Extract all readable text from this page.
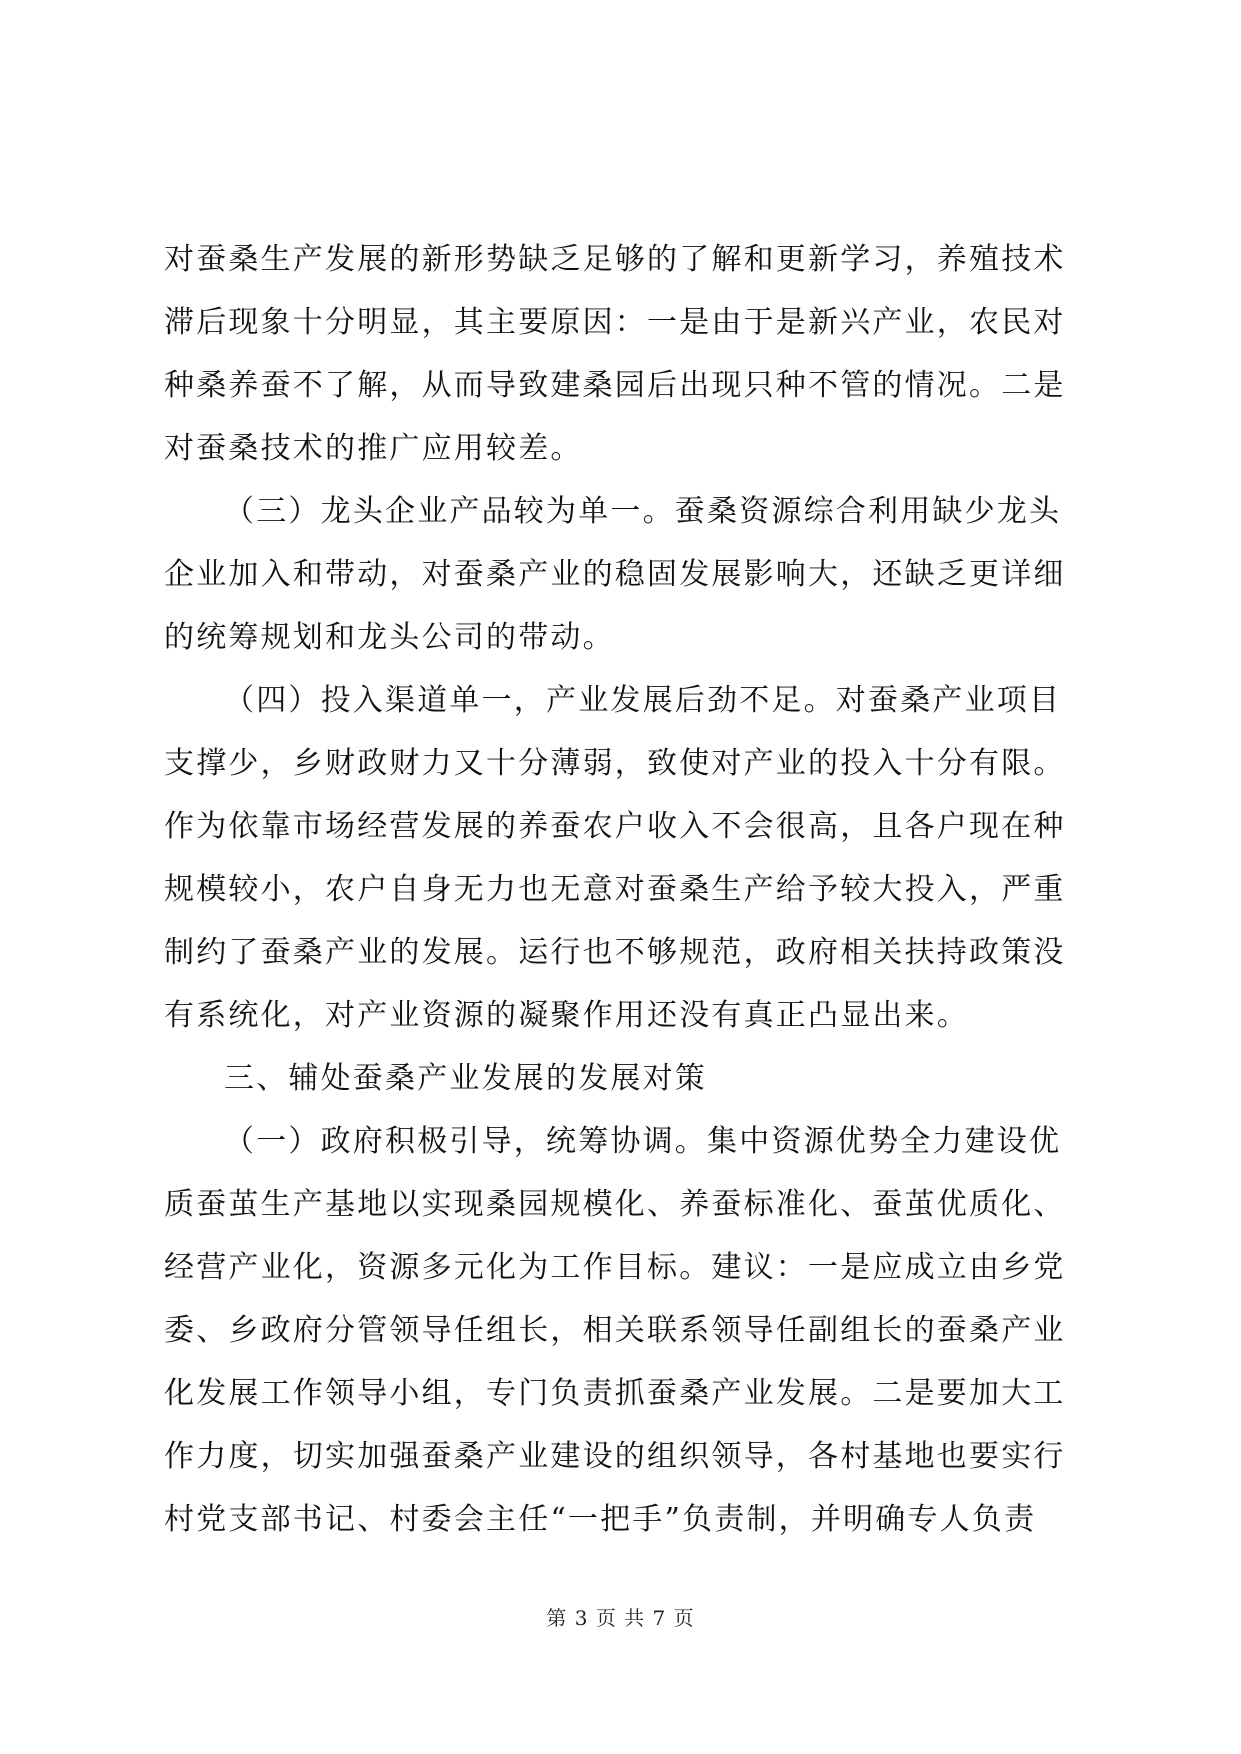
对蚕桑生产发展的新形势缺乏足够的了解和更新学习，养殖技术
滞后现象十分明显，其主要原因：一是由于是新兴产业，农民对
种桑养蚕不了解，从而导致建桑园后出现只种不管的情况。二是
对蚕桑技术的推广应用较差。
（三）龙头企业产品较为单一。蚕桑资源综合利用缺少龙头
企业加入和带动，对蚕桑产业的稳固发展影响大，还缺乏更详细
的统筹规划和龙头公司的带动。
（四）投入渠道单一，产业发展后劲不足。对蚕桑产业项目
支撑少，乡财政财力又十分薄弱，致使对产业的投入十分有限。
作为依靠市场经营发展的养蚕农户收入不会很高，且各户现在种
规模较小，农户自身无力也无意对蚕桑生产给予较大投入，严重
制约了蚕桑产业的发展。运行也不够规范，政府相关扶持政策没
有系统化，对产业资源的凝聚作用还没有真正凸显出来。
三、辅处蚕桑产业发展的发展对策
（一）政府积极引导，统筹协调。集中资源优势全力建设优
质蚕茧生产基地以实现桑园规模化、养蚕标准化、蚕茧优质化、
经营产业化，资源多元化为工作目标。建议：一是应成立由乡党
委、乡政府分管领导任组长，相关联系领导任副组长的蚕桑产业
化发展工作领导小组，专门负责抓蚕桑产业发展。二是要加大工
作力度，切实加强蚕桑产业建设的组织领导，各村基地也要实行
村党支部书记、村委会主任“一把手”负责制，并明确专人负责
第 3 页 共 7 页
